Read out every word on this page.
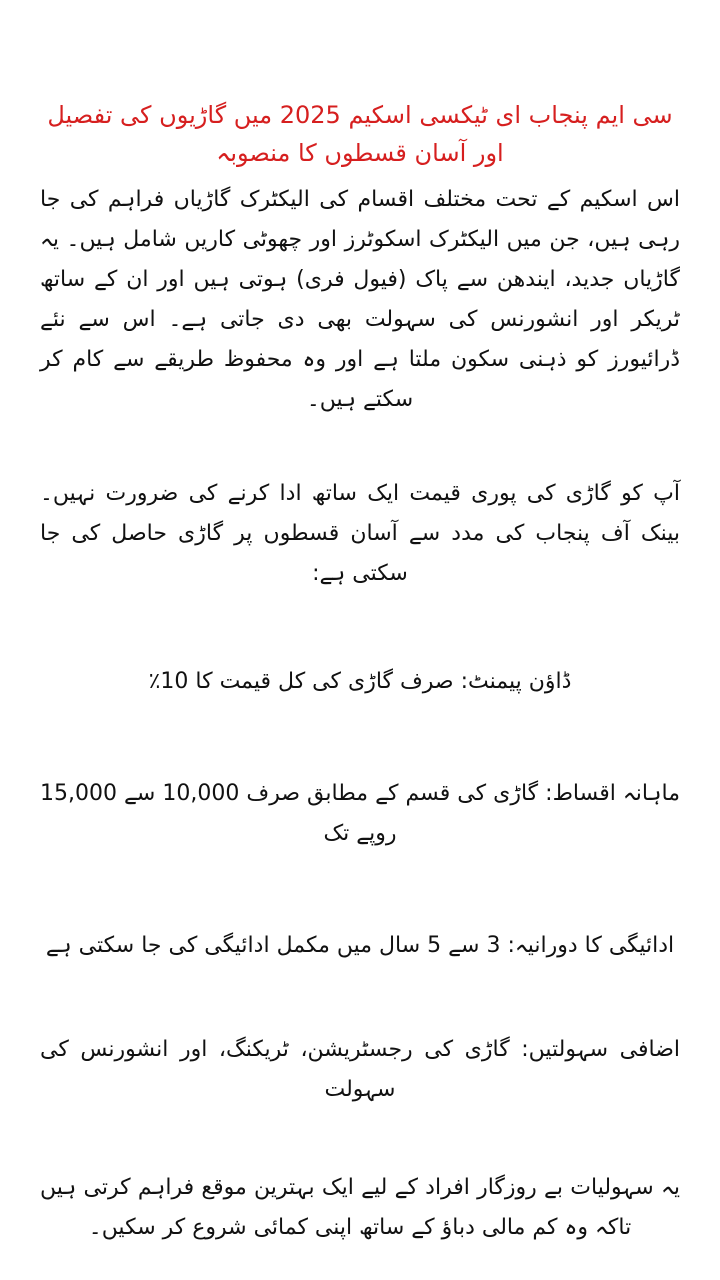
سی ایم پنجاب ای ٹیکسی اسکیم 2025 میں گاڑیوں کی تفصیل اور آسان قسطوں کا منصوبہ

اس اسکیم کے تحت مختلف اقسام کی الیکٹرک گاڑیاں فراہم کی جا رہی ہیں، جن میں الیکٹرک اسکوٹرز اور چھوٹی کاریں شامل ہیں۔ یہ گاڑیاں جدید، ایندھن سے پاک (فیول فری) ہوتی ہیں اور ان کے ساتھ ٹریکر اور انشورنس کی سہولت بھی دی جاتی ہے۔ اس سے نئے ڈرائیورز کو ذہنی سکون ملتا ہے اور وہ محفوظ طریقے سے کام کر سکتے ہیں۔

آپ کو گاڑی کی پوری قیمت ایک ساتھ ادا کرنے کی ضرورت نہیں۔ بینک آف پنجاب کی مدد سے آسان قسطوں پر گاڑی حاصل کی جا سکتی ہے:

ڈاؤن پیمنٹ: صرف گاڑی کی کل قیمت کا 10٪

ماہانہ اقساط: گاڑی کی قسم کے مطابق صرف 10,000 سے 15,000 روپے تک

ادائیگی کا دورانیہ: 3 سے 5 سال میں مکمل ادائیگی کی جا سکتی ہے

اضافی سہولتیں: گاڑی کی رجسٹریشن، ٹریکنگ، اور انشورنس کی سہولت

یہ سہولیات بے روزگار افراد کے لیے ایک بہترین موقع فراہم کرتی ہیں تاکہ وہ کم مالی دباؤ کے ساتھ اپنی کمائی شروع کر سکیں۔
